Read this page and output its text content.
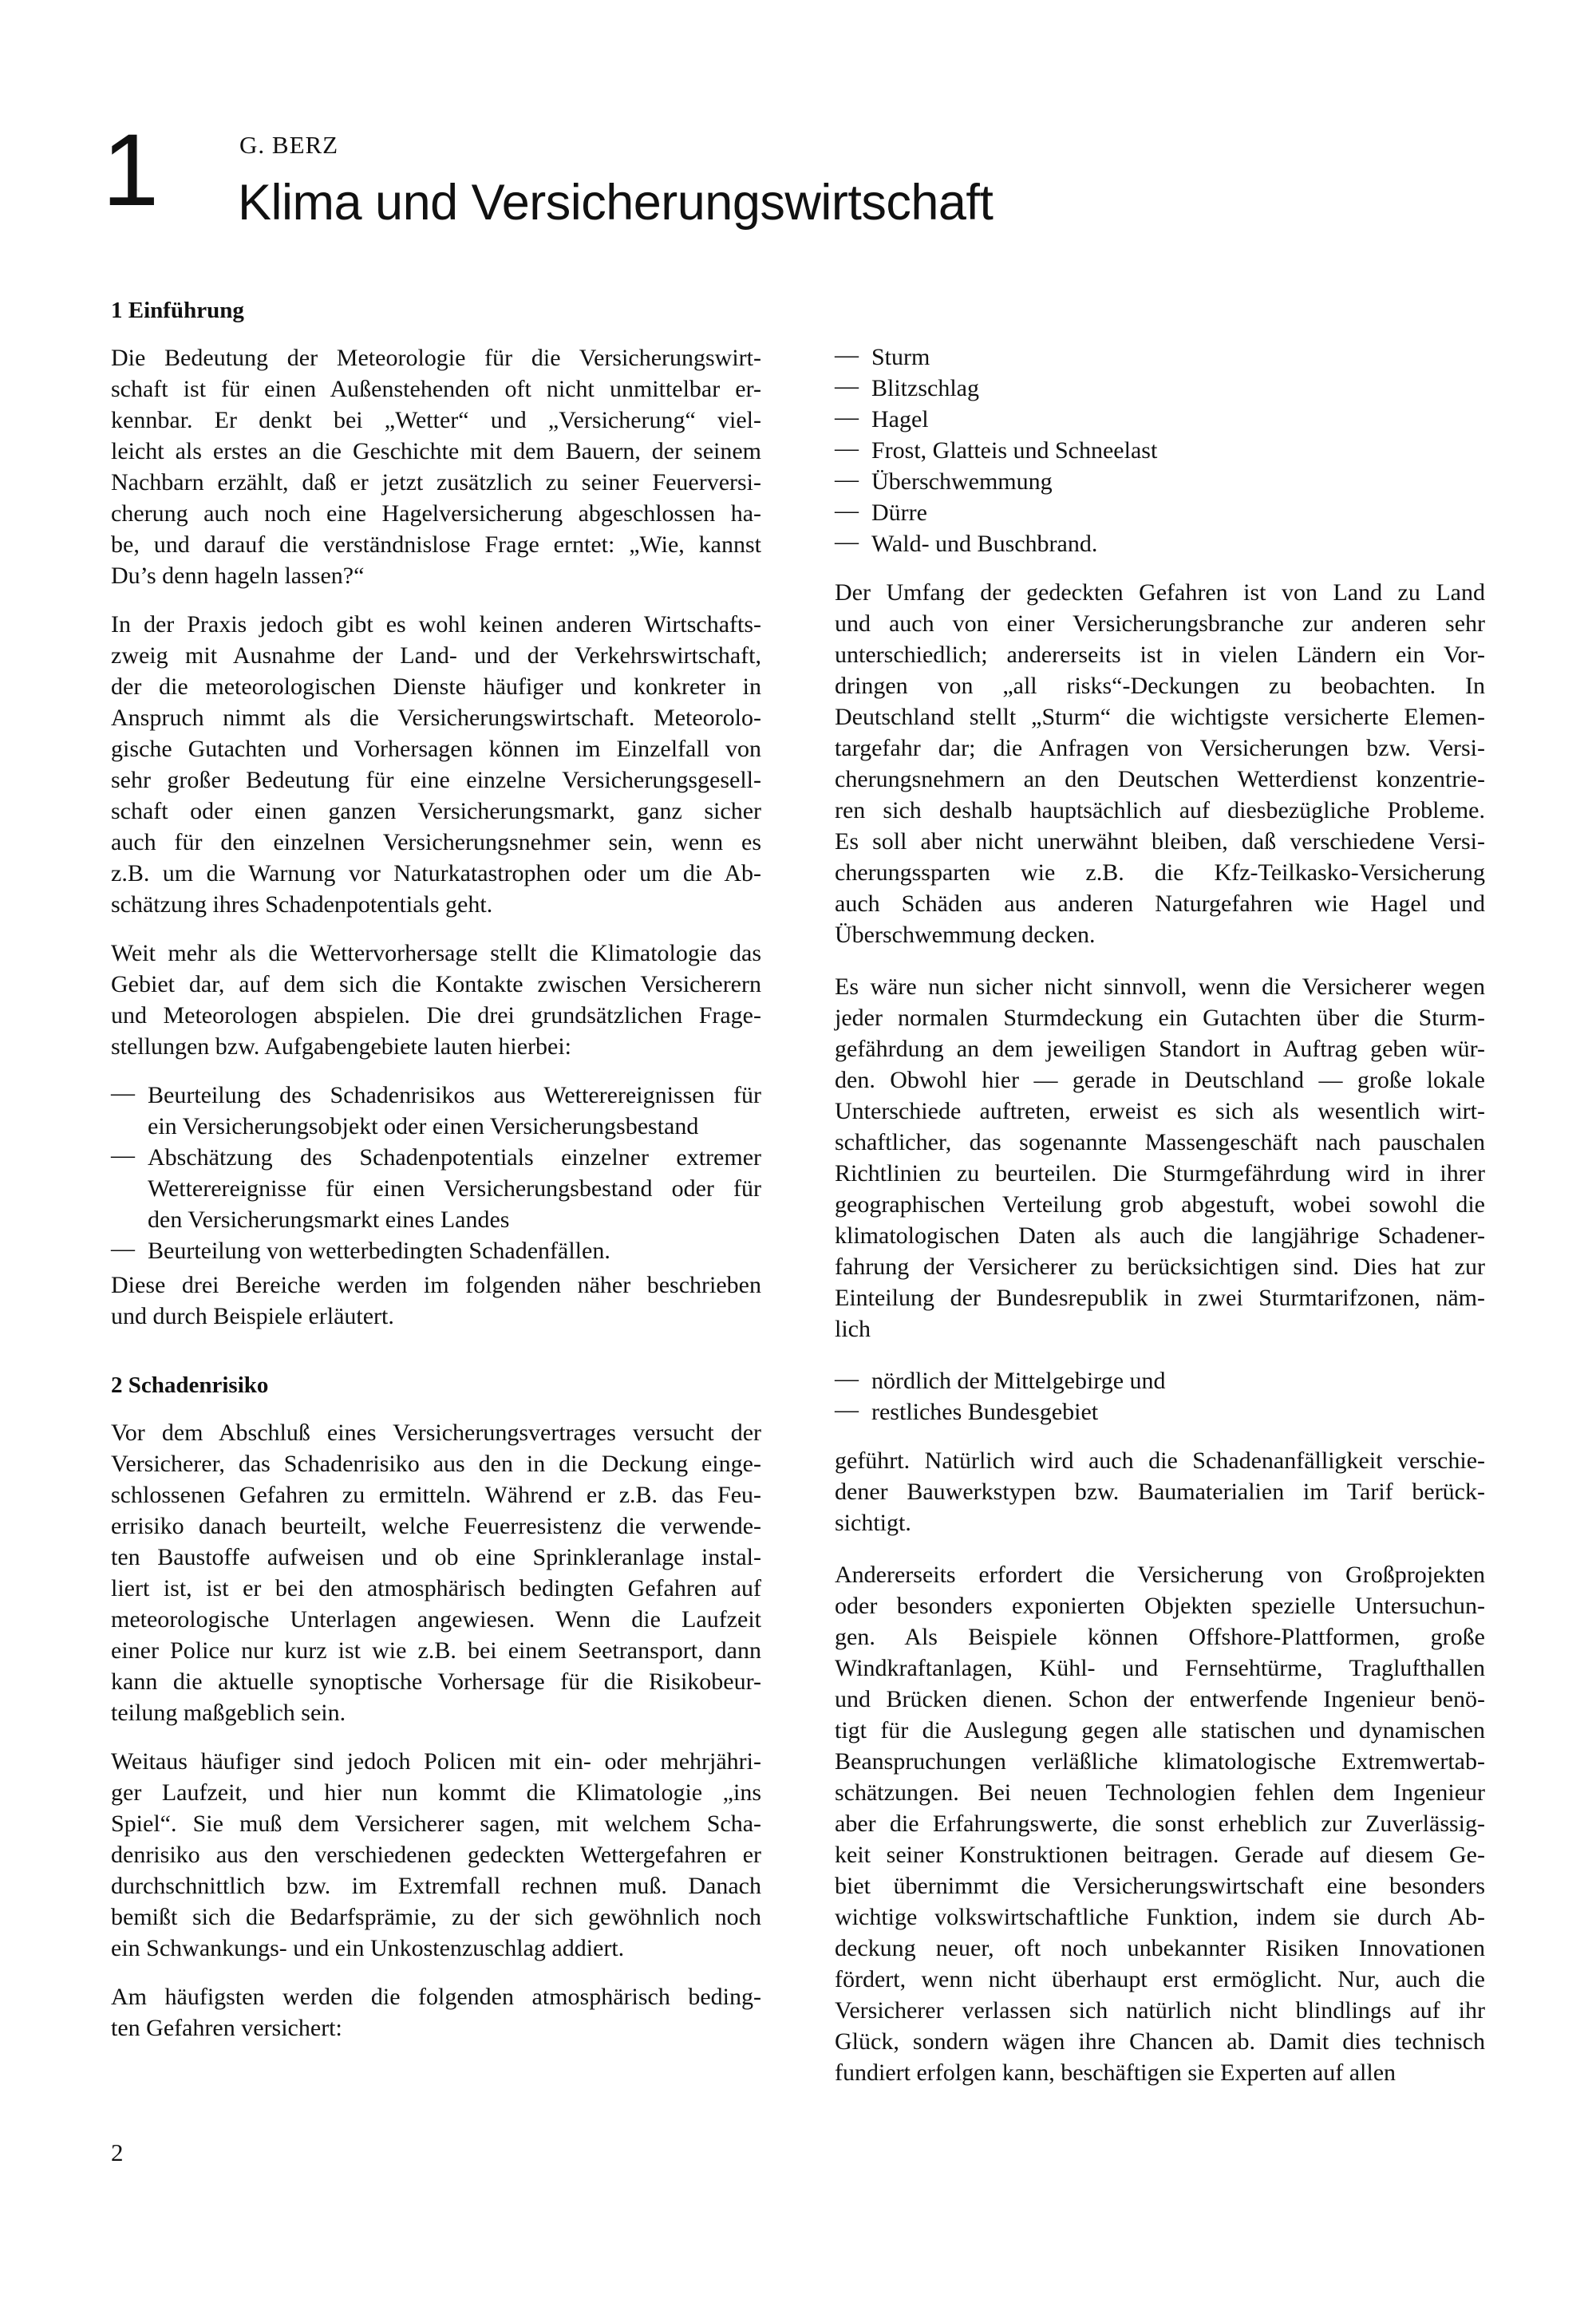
1	G. BERZ
Klima und Versicherungswirtschaft
1 Einführung
Die Bedeutung der Meteorologie für die Versicherungswirt-
schaft ist für einen Außenstehenden oft nicht unmittelbar er-
kennbar. Er denkt bei „Wetter“ und „Versicherung“ viel-
leicht als erstes an die Geschichte mit dem Bauern, der seinem
Nachbarn erzählt, daß er jetzt zusätzlich zu seiner Feuerversi-
cherung auch noch eine Hagelversicherung abgeschlossen ha-
be, und darauf die verständnislose Frage erntet: „Wie, kannst
Du’s denn hageln lassen?“
In der Praxis jedoch gibt es wohl keinen anderen Wirtschafts-
zweig mit Ausnahme der Land- und der Verkehrswirtschaft,
der die meteorologischen Dienste häufiger und konkreter in
Anspruch nimmt als die Versicherungswirtschaft. Meteorolo-
gische Gutachten und Vorhersagen können im Einzelfall von
sehr großer Bedeutung für eine einzelne Versicherungsgesell-
schaft oder einen ganzen Versicherungsmarkt, ganz sicher
auch für den einzelnen Versicherungsnehmer sein, wenn es
z.B. um die Warnung vor Naturkatastrophen oder um die Ab-
schätzung ihres Schadenpotentials geht.
Weit mehr als die Wettervorhersage stellt die Klimatologie das
Gebiet dar, auf dem sich die Kontakte zwischen Versicherern
und Meteorologen abspielen. Die drei grundsätzlichen Frage-
stellungen bzw. Aufgabengebiete lauten hierbei:
— Beurteilung des Schadenrisikos aus Wetterereignissen für
ein Versicherungsobjekt oder einen Versicherungsbestand
— Abschätzung des Schadenpotentials einzelner extremer
Wetterereignisse für einen Versicherungsbestand oder für
den Versicherungsmarkt eines Landes
— Beurteilung von wetterbedingten Schadenfällen.
Diese drei Bereiche werden im folgenden näher beschrieben
und durch Beispiele erläutert.
2 Schadenrisiko
Vor dem Abschluß eines Versicherungsvertrages versucht der
Versicherer, das Schadenrisiko aus den in die Deckung einge-
schlossenen Gefahren zu ermitteln. Während er z.B. das Feu-
errisiko danach beurteilt, welche Feuerresistenz die verwende-
ten Baustoffe aufweisen und ob eine Sprinkleranlage instal-
liert ist, ist er bei den atmosphärisch bedingten Gefahren auf
meteorologische Unterlagen angewiesen. Wenn die Laufzeit
einer Police nur kurz ist wie z.B. bei einem Seetransport, dann
kann die aktuelle synoptische Vorhersage für die Risikobeur-
teilung maßgeblich sein.
Weitaus häufiger sind jedoch Policen mit ein- oder mehrjähri-
ger Laufzeit, und hier nun kommt die Klimatologie „ins
Spiel“. Sie muß dem Versicherer sagen, mit welchem Scha-
denrisiko aus den verschiedenen gedeckten Wettergefahren er
durchschnittlich bzw. im Extremfall rechnen muß. Danach
bemißt sich die Bedarfsprämie, zu der sich gewöhnlich noch
ein Schwankungs- und ein Unkostenzuschlag addiert.
Am häufigsten werden die folgenden atmosphärisch beding-
ten Gefahren versichert:
— Sturm
— Blitzschlag
— Hagel
— Frost, Glatteis und Schneelast
— Überschwemmung
— Dürre
— Wald- und Buschbrand.
Der Umfang der gedeckten Gefahren ist von Land zu Land
und auch von einer Versicherungsbranche zur anderen sehr
unterschiedlich; andererseits ist in vielen Ländern ein Vor-
dringen von „all risks“-Deckungen zu beobachten. In
Deutschland stellt „Sturm“ die wichtigste versicherte Elemen-
targefahr dar; die Anfragen von Versicherungen bzw. Versi-
cherungsnehmern an den Deutschen Wetterdienst konzentrie-
ren sich deshalb hauptsächlich auf diesbezügliche Probleme.
Es soll aber nicht unerwähnt bleiben, daß verschiedene Versi-
cherungssparten wie z.B. die Kfz-Teilkasko-Versicherung
auch Schäden aus anderen Naturgefahren wie Hagel und
Überschwemmung decken.
Es wäre nun sicher nicht sinnvoll, wenn die Versicherer wegen
jeder normalen Sturmdeckung ein Gutachten über die Sturm-
gefährdung an dem jeweiligen Standort in Auftrag geben wür-
den. Obwohl hier — gerade in Deutschland — große lokale
Unterschiede auftreten, erweist es sich als wesentlich wirt-
schaftlicher, das sogenannte Massengeschäft nach pauschalen
Richtlinien zu beurteilen. Die Sturmgefährdung wird in ihrer
geographischen Verteilung grob abgestuft, wobei sowohl die
klimatologischen Daten als auch die langjährige Schadener-
fahrung der Versicherer zu berücksichtigen sind. Dies hat zur
Einteilung der Bundesrepublik in zwei Sturmtarifzonen, näm-
lich
— nördlich der Mittelgebirge und
— restliches Bundesgebiet
geführt. Natürlich wird auch die Schadenanfälligkeit verschie-
dener Bauwerkstypen bzw. Baumaterialien im Tarif berück-
sichtigt.
Andererseits erfordert die Versicherung von Großprojekten
oder besonders exponierten Objekten spezielle Untersuchun-
gen. Als Beispiele können Offshore-Plattformen, große
Windkraftanlagen, Kühl- und Fernsehtürme, Traglufthallen
und Brücken dienen. Schon der entwerfende Ingenieur benö-
tigt für die Auslegung gegen alle statischen und dynamischen
Beanspruchungen verläßliche klimatologische Extremwertab-
schätzungen. Bei neuen Technologien fehlen dem Ingenieur
aber die Erfahrungswerte, die sonst erheblich zur Zuverlässig-
keit seiner Konstruktionen beitragen. Gerade auf diesem Ge-
biet übernimmt die Versicherungswirtschaft eine besonders
wichtige volkswirtschaftliche Funktion, indem sie durch Ab-
deckung neuer, oft noch unbekannter Risiken Innovationen
fördert, wenn nicht überhaupt erst ermöglicht. Nur, auch die
Versicherer verlassen sich natürlich nicht blindlings auf ihr
Glück, sondern wägen ihre Chancen ab. Damit dies technisch
fundiert erfolgen kann, beschäftigen sie Experten auf allen
2
